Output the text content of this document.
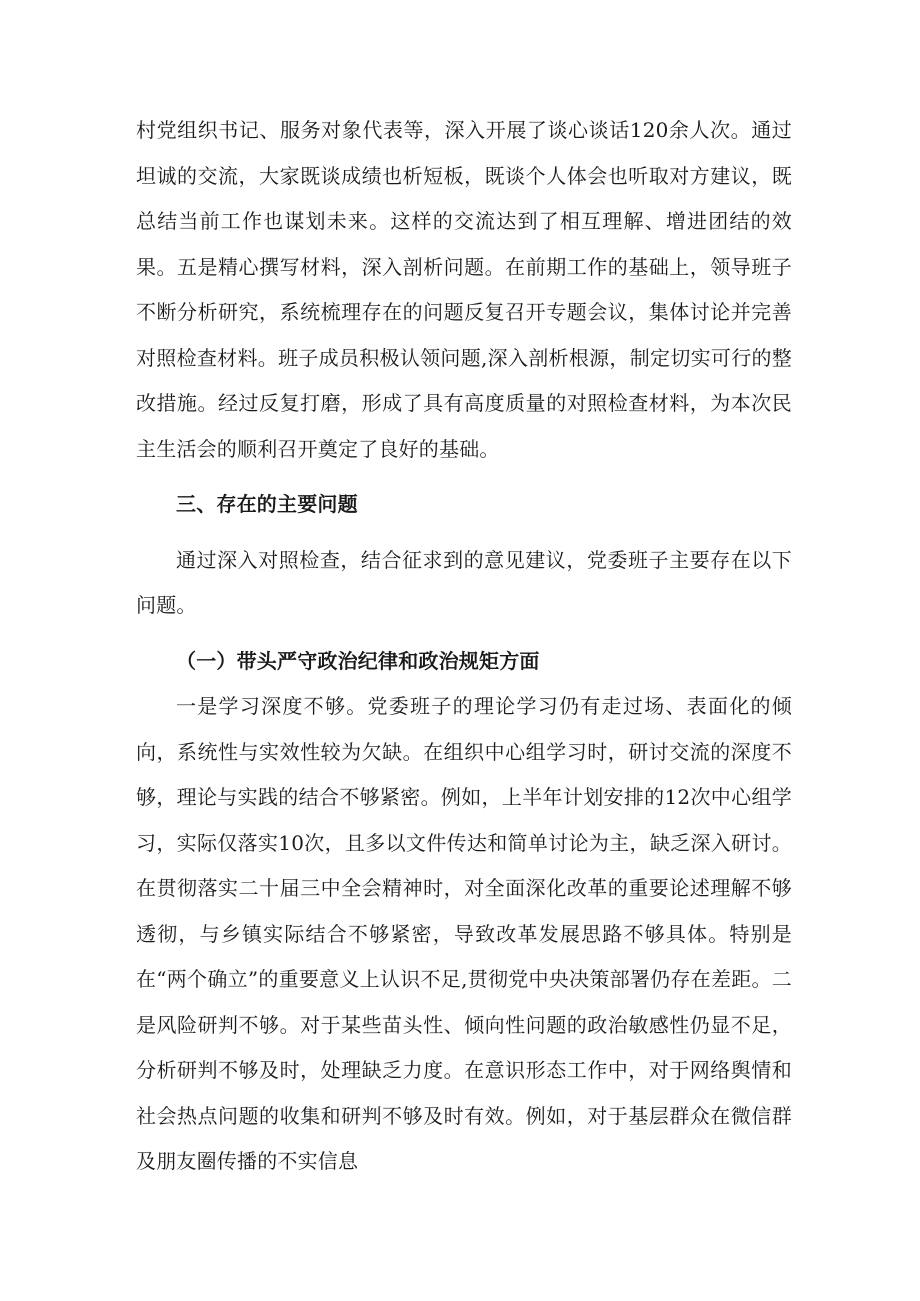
村党组织书记、服务对象代表等，深入开展了谈心谈话120余人次。通过坦诚的交流，大家既谈成绩也析短板，既谈个人体会也听取对方建议，既总结当前工作也谋划未来。这样的交流达到了相互理解、增进团结的效果。五是精心撰写材料，深入剖析问题。在前期工作的基础上，领导班子不断分析研究，系统梳理存在的问题反复召开专题会议，集体讨论并完善对照检查材料。班子成员积极认领问题,深入剖析根源，制定切实可行的整改措施。经过反复打磨，形成了具有高度质量的对照检查材料，为本次民主生活会的顺利召开奠定了良好的基础。

三、存在的主要问题

通过深入对照检查，结合征求到的意见建议，党委班子主要存在以下问题。

（一）带头严守政治纪律和政治规矩方面

一是学习深度不够。党委班子的理论学习仍有走过场、表面化的倾向，系统性与实效性较为欠缺。在组织中心组学习时，研讨交流的深度不够，理论与实践的结合不够紧密。例如，上半年计划安排的12次中心组学习，实际仅落实10次，且多以文件传达和简单讨论为主，缺乏深入研讨。在贯彻落实二十届三中全会精神时，对全面深化改革的重要论述理解不够透彻，与乡镇实际结合不够紧密，导致改革发展思路不够具体。特别是在“两个确立”的重要意义上认识不足,贯彻党中央决策部署仍存在差距。二是风险研判不够。对于某些苗头性、倾向性问题的政治敏感性仍显不足，分析研判不够及时，处理缺乏力度。在意识形态工作中，对于网络舆情和社会热点问题的收集和研判不够及时有效。例如，对于基层群众在微信群及朋友圈传播的不实信息
